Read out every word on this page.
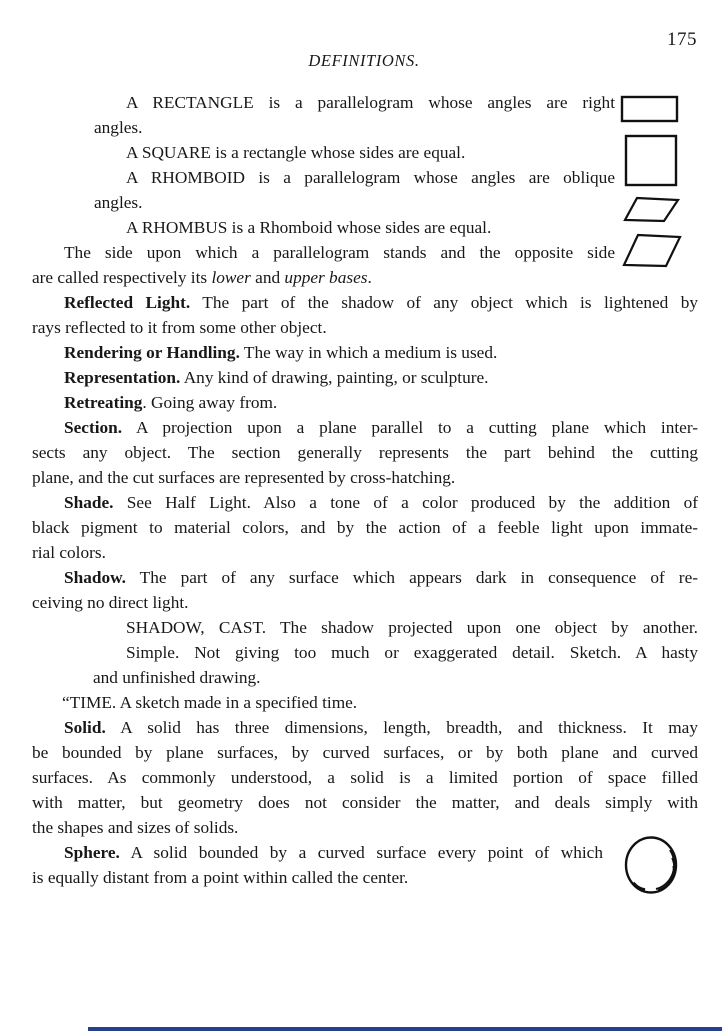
175
DEFINITIONS.
A RECTANGLE is a parallelogram whose angles are right
angles.
A SQUARE is a rectangle whose sides are equal.
A RHOMBOID is a parallelogram whose angles are oblique
angles.
A RHOMBUS is a Rhomboid whose sides are equal.
The side upon which a parallelogram stands and the opposite side
are called respectively its lower and upper bases.
Reflected Light. The part of the shadow of any object which is lightened by
rays reflected to it from some other object.
Rendering or Handling. The way in which a medium is used.
Representation. Any kind of drawing, painting, or sculpture.
Retreating. Going away from.
Section. A projection upon a plane parallel to a cutting plane which inter-
sects any object. The section generally represents the part behind the cutting
plane, and the cut surfaces are represented by cross-hatching.
Shade. See Half Light. Also a tone of a color produced by the addition of
black pigment to material colors, and by the action of a feeble light upon immate-
rial colors.
Shadow. The part of any surface which appears dark in consequence of re-
ceiving no direct light.
SHADOW, CAST. The shadow projected upon one object by another.
Simple. Not giving too much or exaggerated detail. Sketch. A hasty
and unfinished drawing.
“TIME. A sketch made in a specified time.
Solid. A solid has three dimensions, length, breadth, and thickness. It may
be bounded by plane surfaces, by curved surfaces, or by both plane and curved
surfaces. As commonly understood, a solid is a limited portion of space filled
with matter, but geometry does not consider the matter, and deals simply with
the shapes and sizes of solids.
Sphere. A solid bounded by a curved surface every point of which
is equally distant from a point within called the center.
